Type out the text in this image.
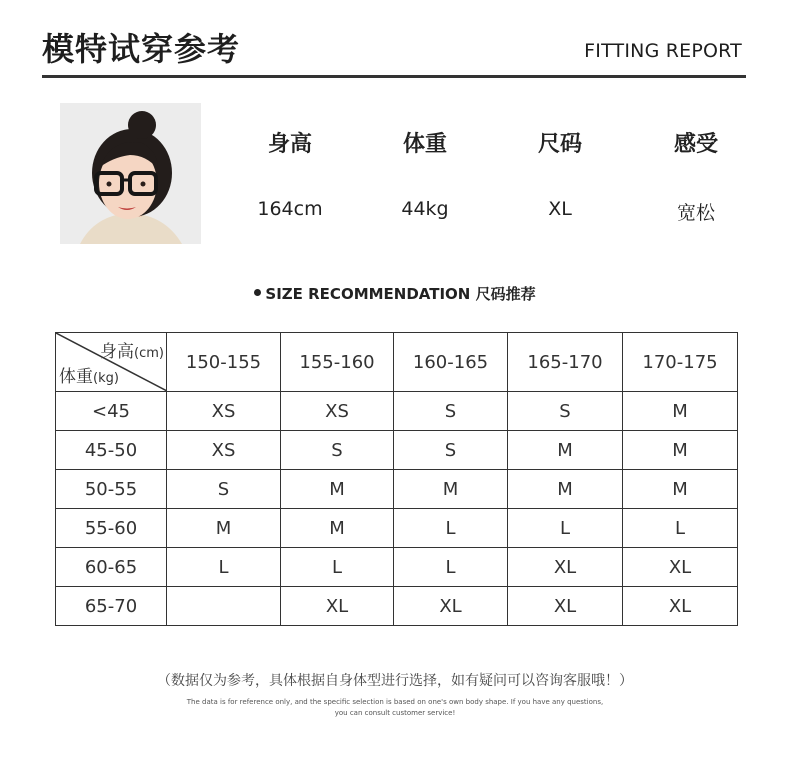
模特试穿参考	FITTING REPORT
身高	体重	尺码	感受
164cm	44kg	XL	宽松
SIZE RECOMMENDATION 尺码推荐
身高(cm)
体重(kg)	150-155	155-160	160-165	165-170	170-175
<45	XS	XS	S	S	M
45-50	XS	S	S	M	M
50-55	S	M	M	M	M
55-60	M	M	L	L	L
60-65	L	L	L	XL	XL
65-70		XL	XL	XL	XL
（数据仅为参考，具体根据自身体型进行选择，如有疑问可以咨询客服哦！）
The data is for reference only, and the specific selection is based on one's own body shape. If you have any questions,
you can consult customer service!
